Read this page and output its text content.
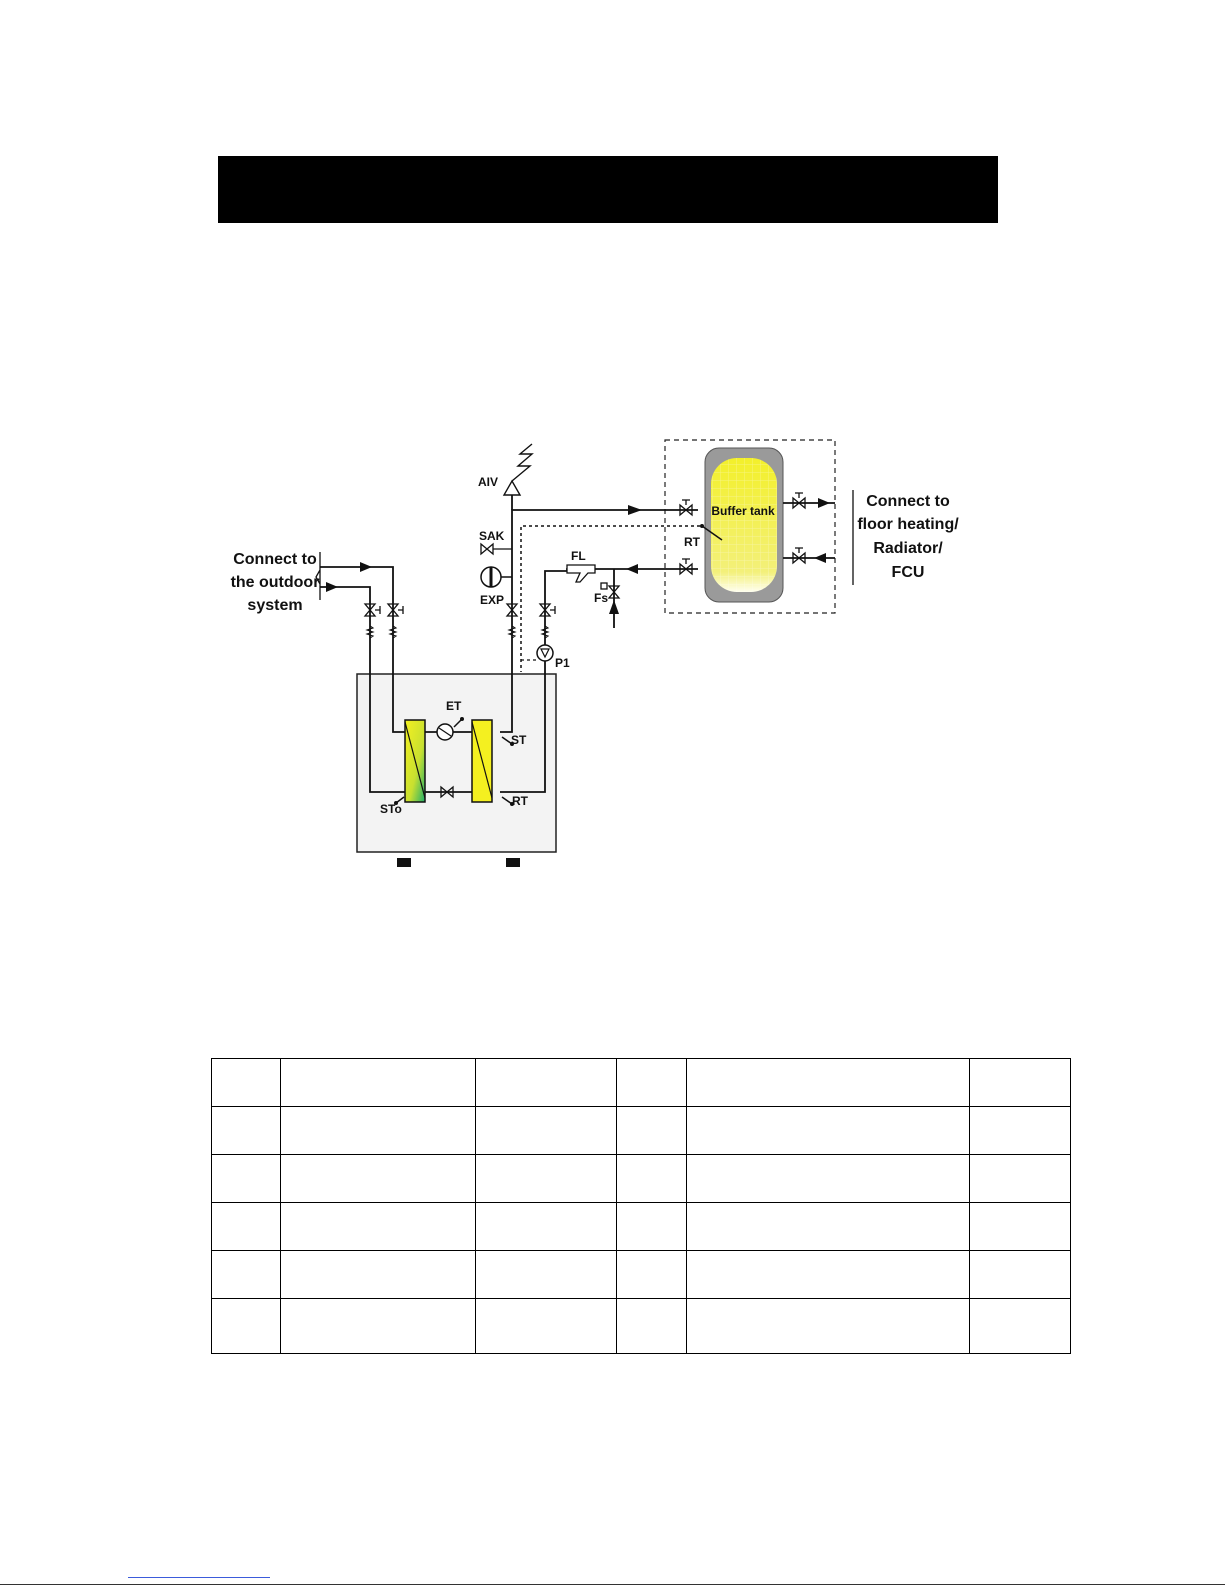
Connect to
the outdoor
system
Connect to
floor heating/
Radiator/
FCU
Buffer tank
AIV
SAK
EXP
FL
Fs
RT
P1
ET
ST
RT
STo
